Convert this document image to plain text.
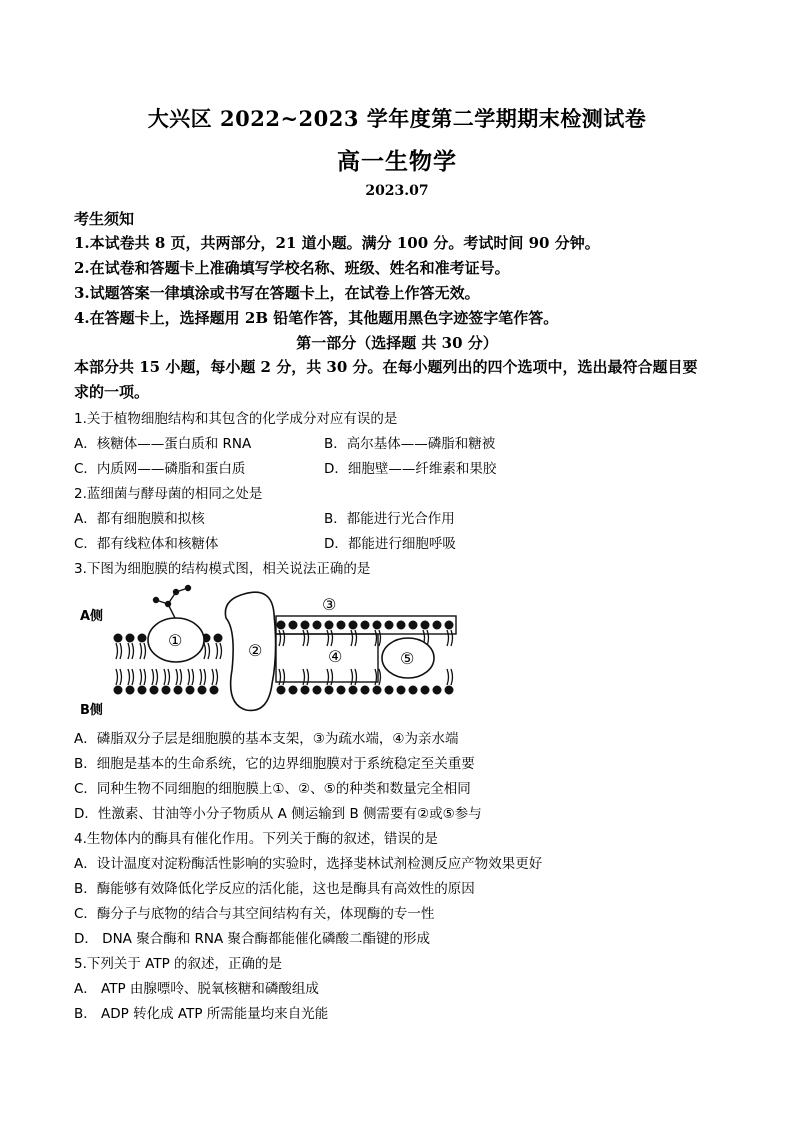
大兴区 2022~2023 学年度第二学期期末检测试卷
高一生物学
2023.07
考生须知
1.本试卷共 8 页，共两部分，21 道小题。满分 100 分。考试时间 90 分钟。
2.在试卷和答题卡上准确填写学校名称、班级、姓名和准考证号。
3.试题答案一律填涂或书写在答题卡上，在试卷上作答无效。
4.在答题卡上，选择题用 2B 铅笔作答，其他题用黑色字迹签字笔作答。
第一部分（选择题 共 30 分）
本部分共 15 小题，每小题 2 分，共 30 分。在每小题列出的四个选项中，选出最符合题目要
求的一项。
1.关于植物细胞结构和其包含的化学成分对应有误的是
A．核糖体——蛋白质和 RNA	B．高尔基体——磷脂和糖被
C．内质网——磷脂和蛋白质	D．细胞壁——纤维素和果胶
2.蓝细菌与酵母菌的相同之处是
A．都有细胞膜和拟核	B．都能进行光合作用
C．都有线粒体和核糖体	D．都能进行细胞呼吸
3.下图为细胞膜的结构模式图，相关说法正确的是
A侧
B侧
①
②
③
④	⑤
A．磷脂双分子层是细胞膜的基本支架，③为疏水端，④为亲水端
B．细胞是基本的生命系统，它的边界细胞膜对于系统稳定至关重要
C．同种生物不同细胞的细胞膜上①、②、⑤的种类和数量完全相同
D．性激素、甘油等小分子物质从 A 侧运输到 B 侧需要有②或⑤参与
4.生物体内的酶具有催化作用。下列关于酶的叙述，错误的是
A．设计温度对淀粉酶活性影响的实验时，选择斐林试剂检测反应产物效果更好
B．酶能够有效降低化学反应的活化能，这也是酶具有高效性的原因
C．酶分子与底物的结合与其空间结构有关，体现酶的专一性
D． DNA 聚合酶和 RNA 聚合酶都能催化磷酸二酯键的形成
5.下列关于 ATP 的叙述，正确的是
A． ATP 由腺嘌呤、脱氧核糖和磷酸组成
B． ADP 转化成 ATP 所需能量均来自光能
